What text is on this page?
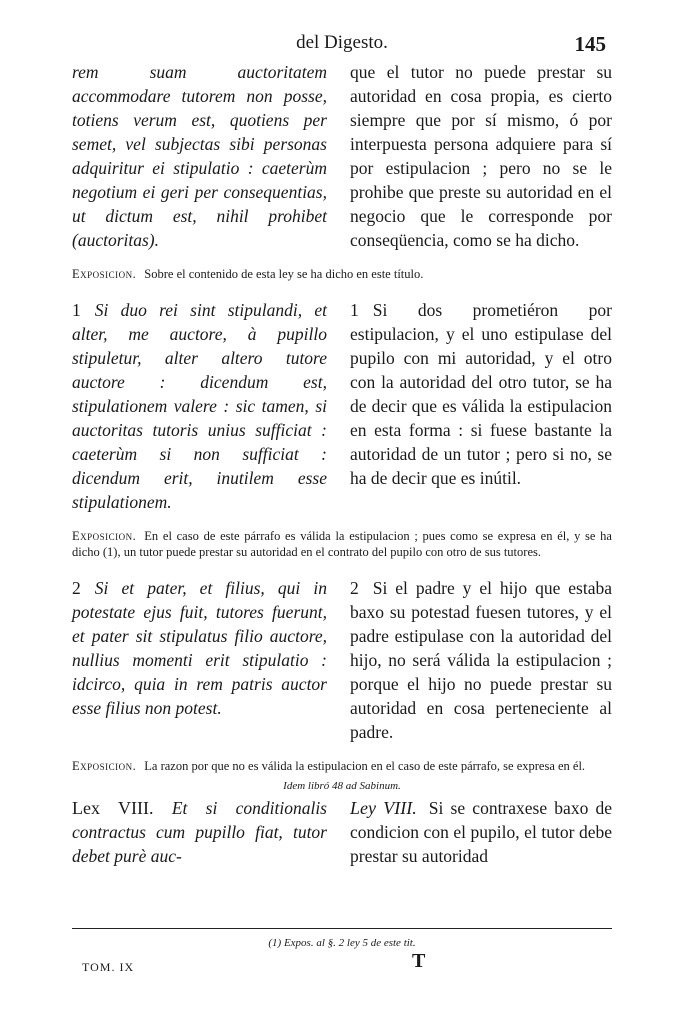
del Digesto.	145
rem suam auctoritatem accommodare tutorem non posse, totiens verum est, quotiens per semet, vel subjectas sibi personas adquiritur ei stipulatio : caeterùm negotium ei geri per consequentias, ut dictum est, nihil prohibet (auctoritas).
que el tutor no puede prestar su autoridad en cosa propia, es cierto siempre que por sí mismo, ó por interpuesta persona adquiere para sí por estipulacion ; pero no se le prohibe que preste su autoridad en el negocio que le corresponde por conseqüencia, como se ha dicho.
Exposicion. Sobre el contenido de esta ley se ha dicho en este título.
1 Si duo rei sint stipulandi, et alter, me auctore, à pupillo stipuletur, alter altero tutore auctore : dicendum est, stipulationem valere : sic tamen, si auctoritas tutoris unius sufficiat : caeterùm si non sufficiat : dicendum erit, inutilem esse stipulationem.
1 Si dos prometiéron por estipulacion, y el uno estipulase del pupilo con mi autoridad, y el otro con la autoridad del otro tutor, se ha de decir que es válida la estipulacion en esta forma : si fuese bastante la autoridad de un tutor ; pero si no, se ha de decir que es inútil.
Exposicion. En el caso de este párrafo es válida la estipulacion ; pues como se expresa en él, y se ha dicho (1), un tutor puede prestar su autoridad en el contrato del pupilo con otro de sus tutores.
2 Si et pater, et filius, qui in potestate ejus fuit, tutores fuerunt, et pater sit stipulatus filio auctore, nullius momenti erit stipulatio : idcirco, quia in rem patris auctor esse filius non potest.
2 Si el padre y el hijo que estaba baxo su potestad fuesen tutores, y el padre estipulase con la autoridad del hijo, no será válida la estipulacion ; porque el hijo no puede prestar su autoridad en cosa perteneciente al padre.
Exposicion. La razon por que no es válida la estipulacion en el caso de este párrafo, se expresa en él.
Idem libró 48 ad Sabinum.
Lex VIII. Et si conditionalis contractus cum pupillo fiat, tutor debet purè auc-
Ley VIII. Si se contraxese baxo de condicion con el pupilo, el tutor debe prestar su autoridad
(1) Expos. al §. 2 ley 5 de este tit.
TOM. IX	T
